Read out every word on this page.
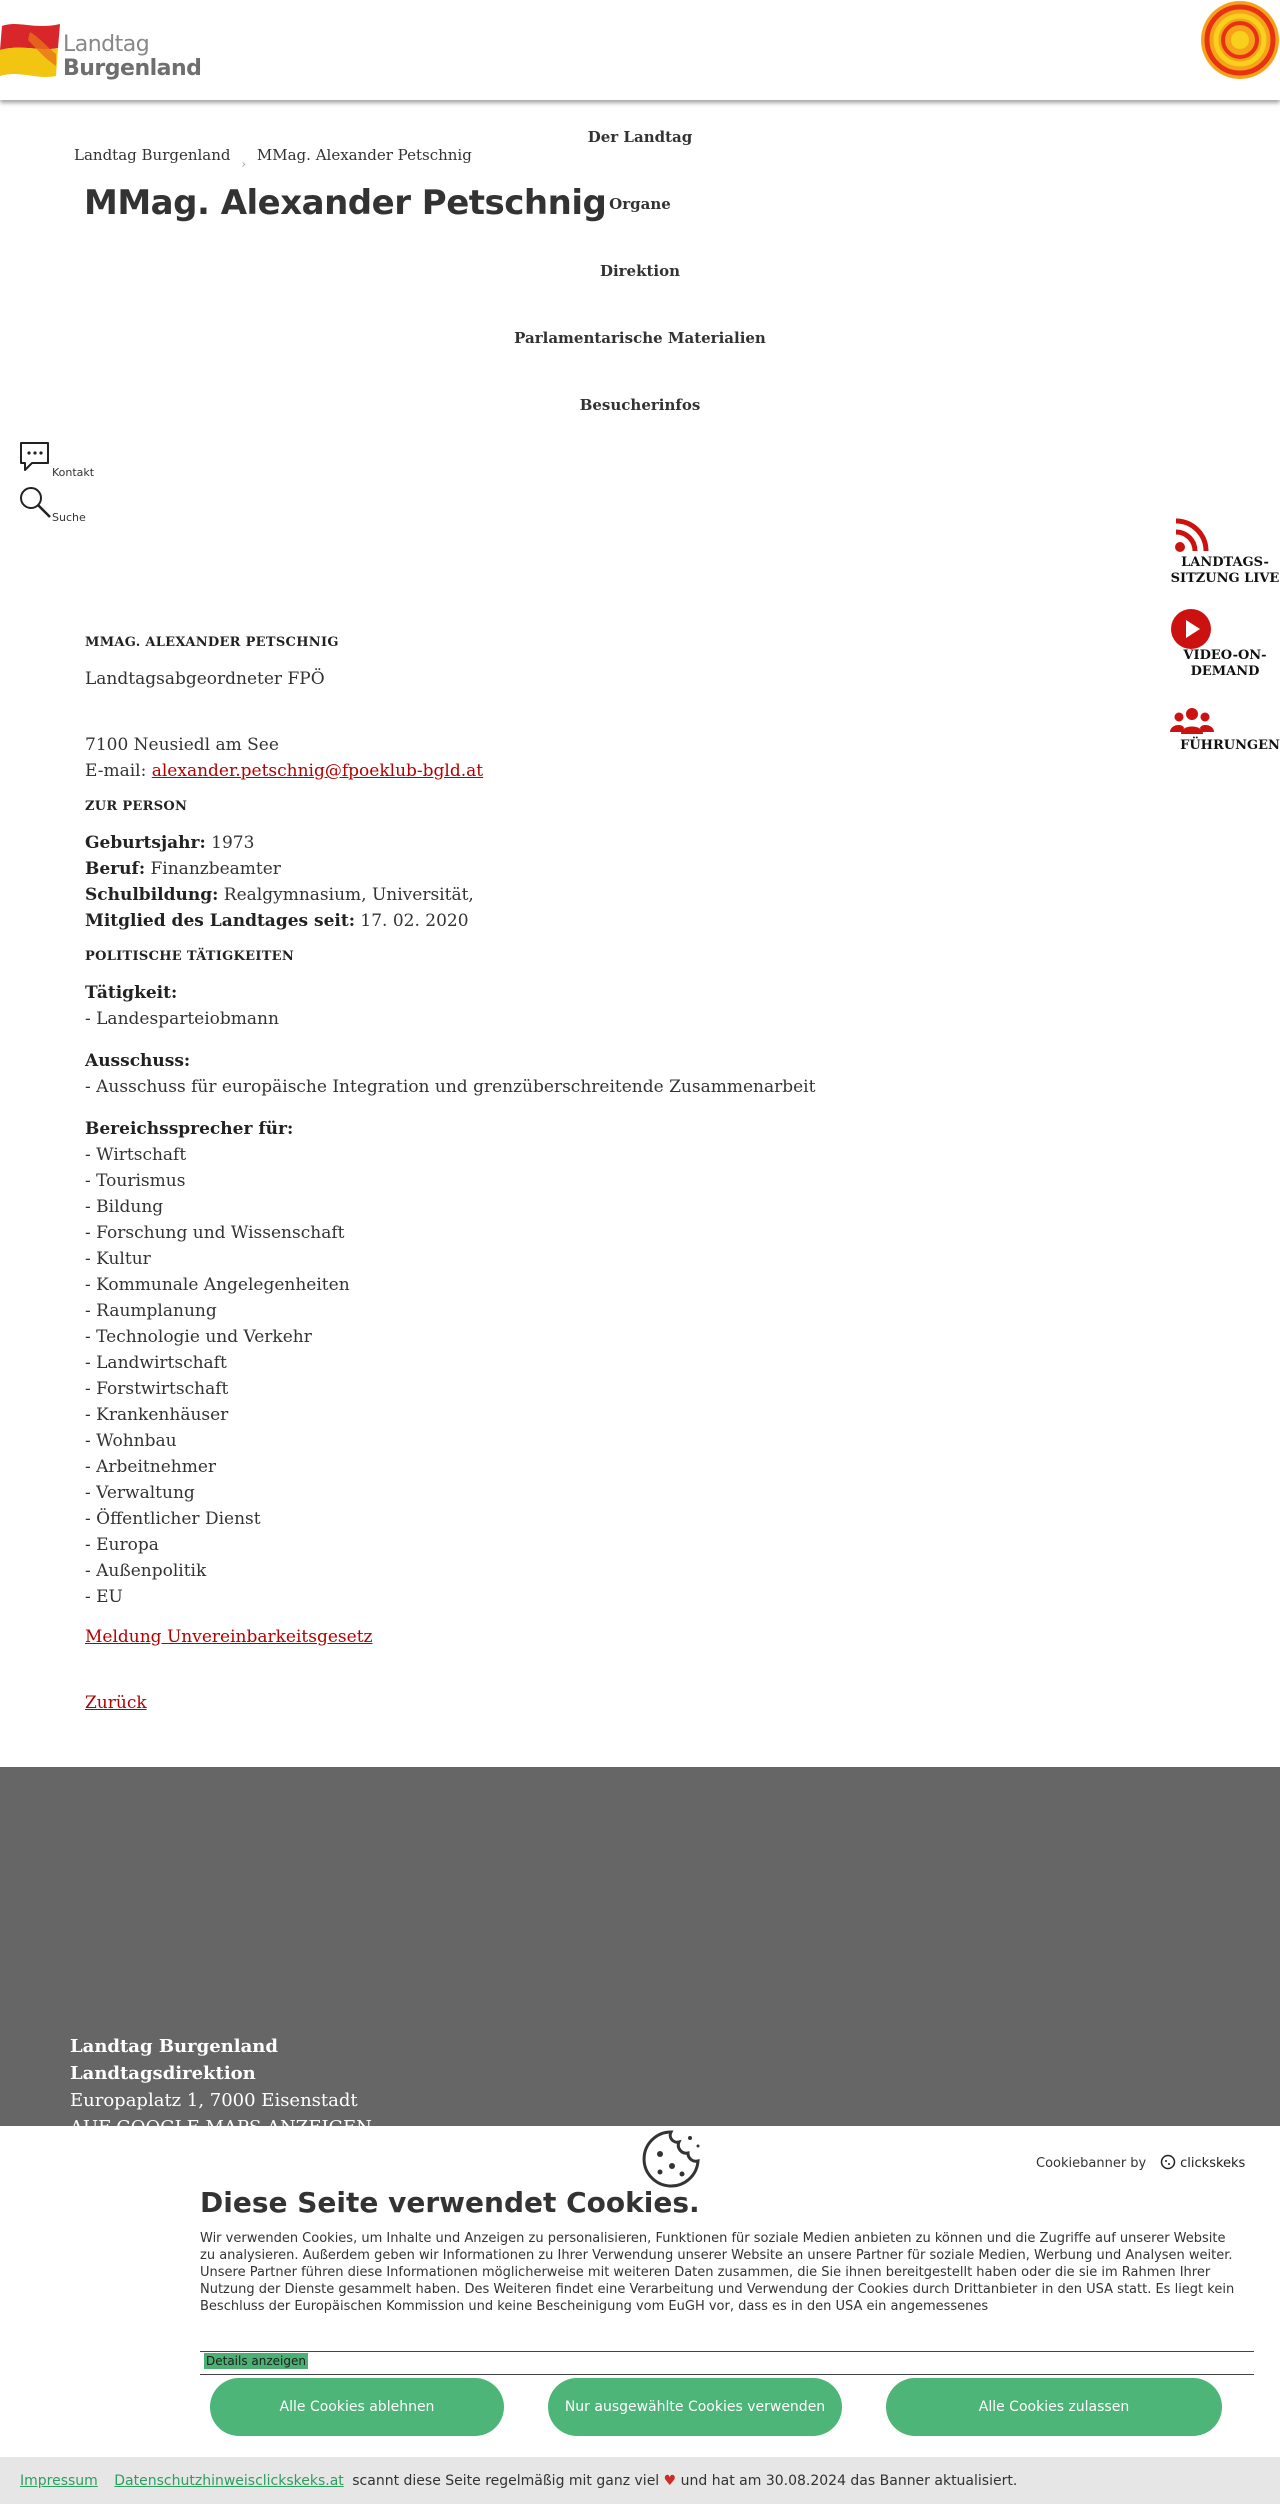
Landtag
Burgenland
Landtag Burgenland $_›$ MMag. Alexander Petschnig
MMag. Alexander Petschnig
Der Landtag
Organe
Direktion
Parlamentarische Materialien
Besucherinfos
Kontakt
Suche
LANDTAGS-SITZUNG LIVE
VIDEO-ON-DEMAND
FÜHRUNGEN
MMAG. ALEXANDER PETSCHNIG
Landtagsabgeordneter FPÖ
7100 Neusiedl am See
E-mail: alexander.petschnig@fpoeklub-bgld.at
ZUR PERSON
Geburtsjahr: 1973
Beruf: Finanzbeamter
Schulbildung: Realgymnasium, Universität,
Mitglied des Landtages seit: 17. 02. 2020
POLITISCHE TÄTIGKEITEN
Tätigkeit:
- Landesparteiobmann
Ausschuss:
- Ausschuss für europäische Integration und grenzüberschreitende Zusammenarbeit
Bereichssprecher für:
- Wirtschaft
- Tourismus
- Bildung
- Forschung und Wissenschaft
- Kultur
- Kommunale Angelegenheiten
- Raumplanung
- Technologie und Verkehr
- Landwirtschaft
- Forstwirtschaft
- Krankenhäuser
- Wohnbau
- Arbeitnehmer
- Verwaltung
- Öffentlicher Dienst
- Europa
- Außenpolitik
- EU
Meldung Unvereinbarkeitsgesetz
Zurück
Landtag Burgenland
Landtagsdirektion
Europaplatz 1, 7000 Eisenstadt
Cookiebanner by	clickskeks
Diese Seite verwendet Cookies.
Wir verwenden Cookies, um Inhalte und Anzeigen zu personalisieren, Funktionen für soziale Medien anbieten zu können und die Zugriffe auf unserer Website zu analysieren. Außerdem geben wir Informationen zu Ihrer Verwendung unserer Website an unsere Partner für soziale Medien, Werbung und Analysen weiter. Unsere Partner führen diese Informationen möglicherweise mit weiteren Daten zusammen, die Sie ihnen bereitgestellt haben oder die sie im Rahmen Ihrer Nutzung der Dienste gesammelt haben. Des Weiteren findet eine Verarbeitung und Verwendung der Cookies durch Drittanbieter in den USA statt. Es liegt kein Beschluss der Europäischen Kommission und keine Bescheinigung vom EuGH vor, dass es in den USA ein angemessenes
Details anzeigen
Alle Cookies ablehnen	Nur ausgewählte Cookies verwenden	Alle Cookies zulassen
Impressum Datenschutzhinweisclickskeks.at scannt diese Seite regelmäßig mit ganz viel ♥ und hat am 30.08.2024 das Banner aktualisiert.
